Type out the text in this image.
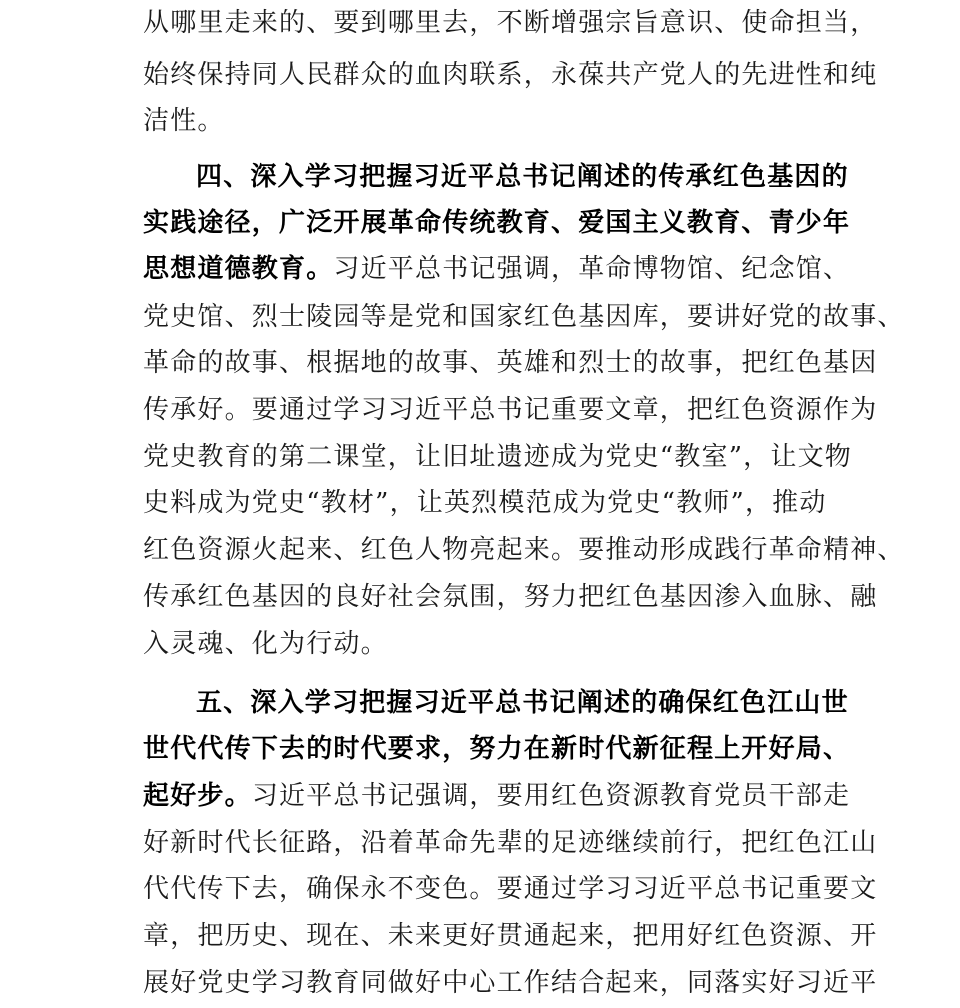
从哪里走来的、要到哪里去，不断增强宗旨意识、使命担当，
始终保持同人民群众的血肉联系，永葆共产党人的先进性和纯
洁性。
四、深入学习把握习近平总书记阐述的传承红色基因的
实践途径，广泛开展革命传统教育、爱国主义教育、青少年
思想道德教育。习近平总书记强调，革命博物馆、纪念馆、
党史馆、烈士陵园等是党和国家红色基因库，要讲好党的故事、
革命的故事、根据地的故事、英雄和烈士的故事，把红色基因
传承好。要通过学习习近平总书记重要文章，把红色资源作为
党史教育的第二课堂，让旧址遗迹成为党史“教室”，让文物
史料成为党史“教材”，让英烈模范成为党史“教师”，推动
红色资源火起来、红色人物亮起来。要推动形成践行革命精神、
传承红色基因的良好社会氛围，努力把红色基因渗入血脉、融
入灵魂、化为行动。
五、深入学习把握习近平总书记阐述的确保红色江山世
世代代传下去的时代要求，努力在新时代新征程上开好局、
起好步。习近平总书记强调，要用红色资源教育党员干部走
好新时代长征路，沿着革命先辈的足迹继续前行，把红色江山
代代传下去，确保永不变色。要通过学习习近平总书记重要文
章，把历史、现在、未来更好贯通起来，把用好红色资源、开
展好党史学习教育同做好中心工作结合起来，同落实好习近平
